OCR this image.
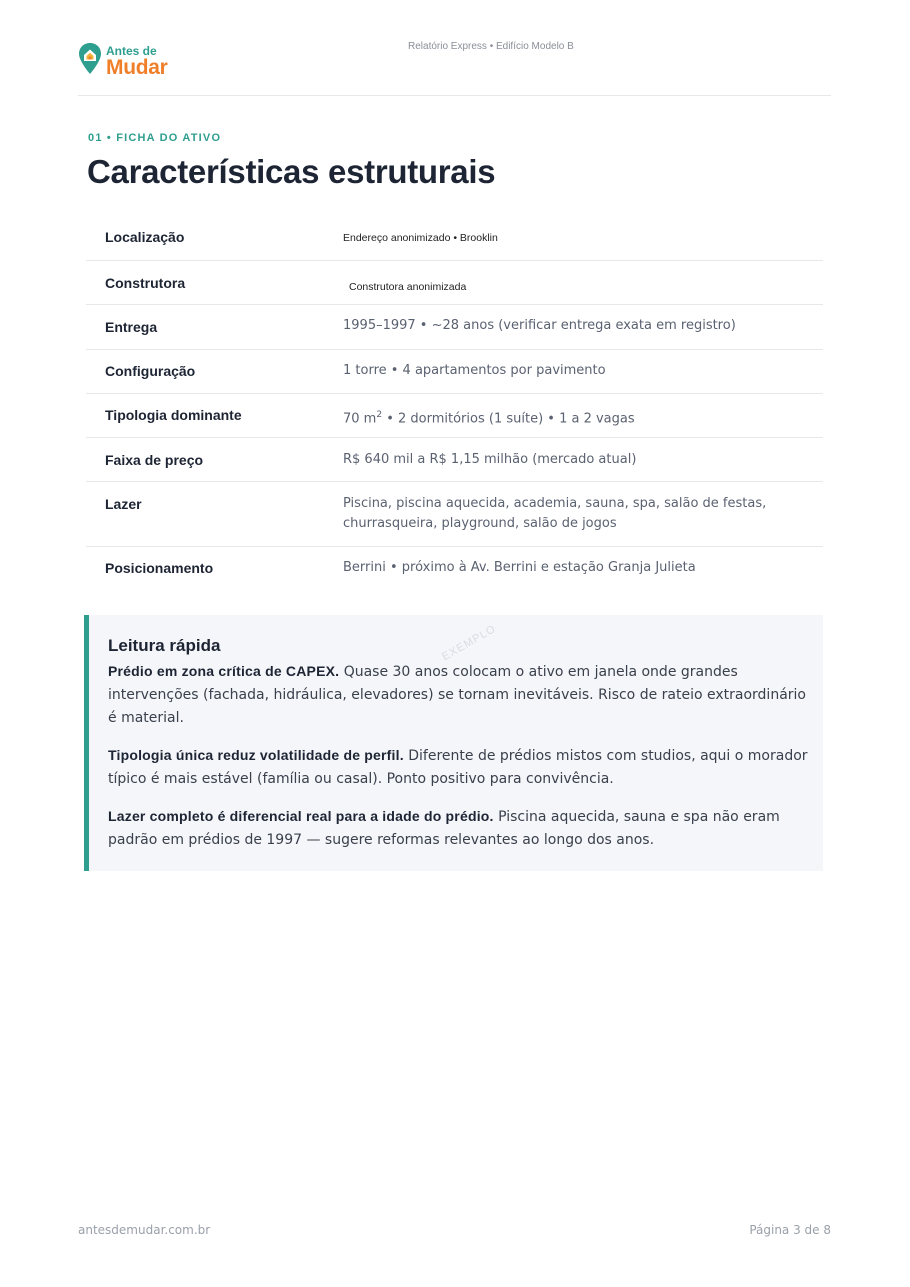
Antes de
Mudar
Relatório Express • Edifício Modelo B
01 • FICHA DO ATIVO
Características estruturais
Localização	Endereço anonimizado • Brooklin
Construtora	Construtora anonimizada
Entrega	1995–1997 • ~28 anos (verificar entrega exata em registro)
Configuração	1 torre • 4 apartamentos por pavimento
Tipologia dominante	70 $m^2$ • 2 dormitórios (1 suíte) • 1 a 2 vagas
Faixa de preço	R$ 640 mil a R$ 1,15 milhão (mercado atual)
Lazer	Piscina, piscina aquecida, academia, sauna, spa, salão de festas, churrasqueira, playground, salão de jogos
Posicionamento	Berrini • próximo à Av. Berrini e estação Granja Julieta
EXEMPLO
Leitura rápida

Prédio em zona crítica de CAPEX. Quase 30 anos colocam o ativo em janela onde grandes intervenções (fachada, hidráulica, elevadores) se tornam inevitáveis. Risco de rateio extraordinário é material.

Tipologia única reduz volatilidade de perfil. Diferente de prédios mistos com studios, aqui o morador típico é mais estável (família ou casal). Ponto positivo para convivência.

Lazer completo é diferencial real para a idade do prédio. Piscina aquecida, sauna e spa não eram padrão em prédios de 1997 — sugere reformas relevantes ao longo dos anos.

antesdemudar.com.br	Página 3 de 8
